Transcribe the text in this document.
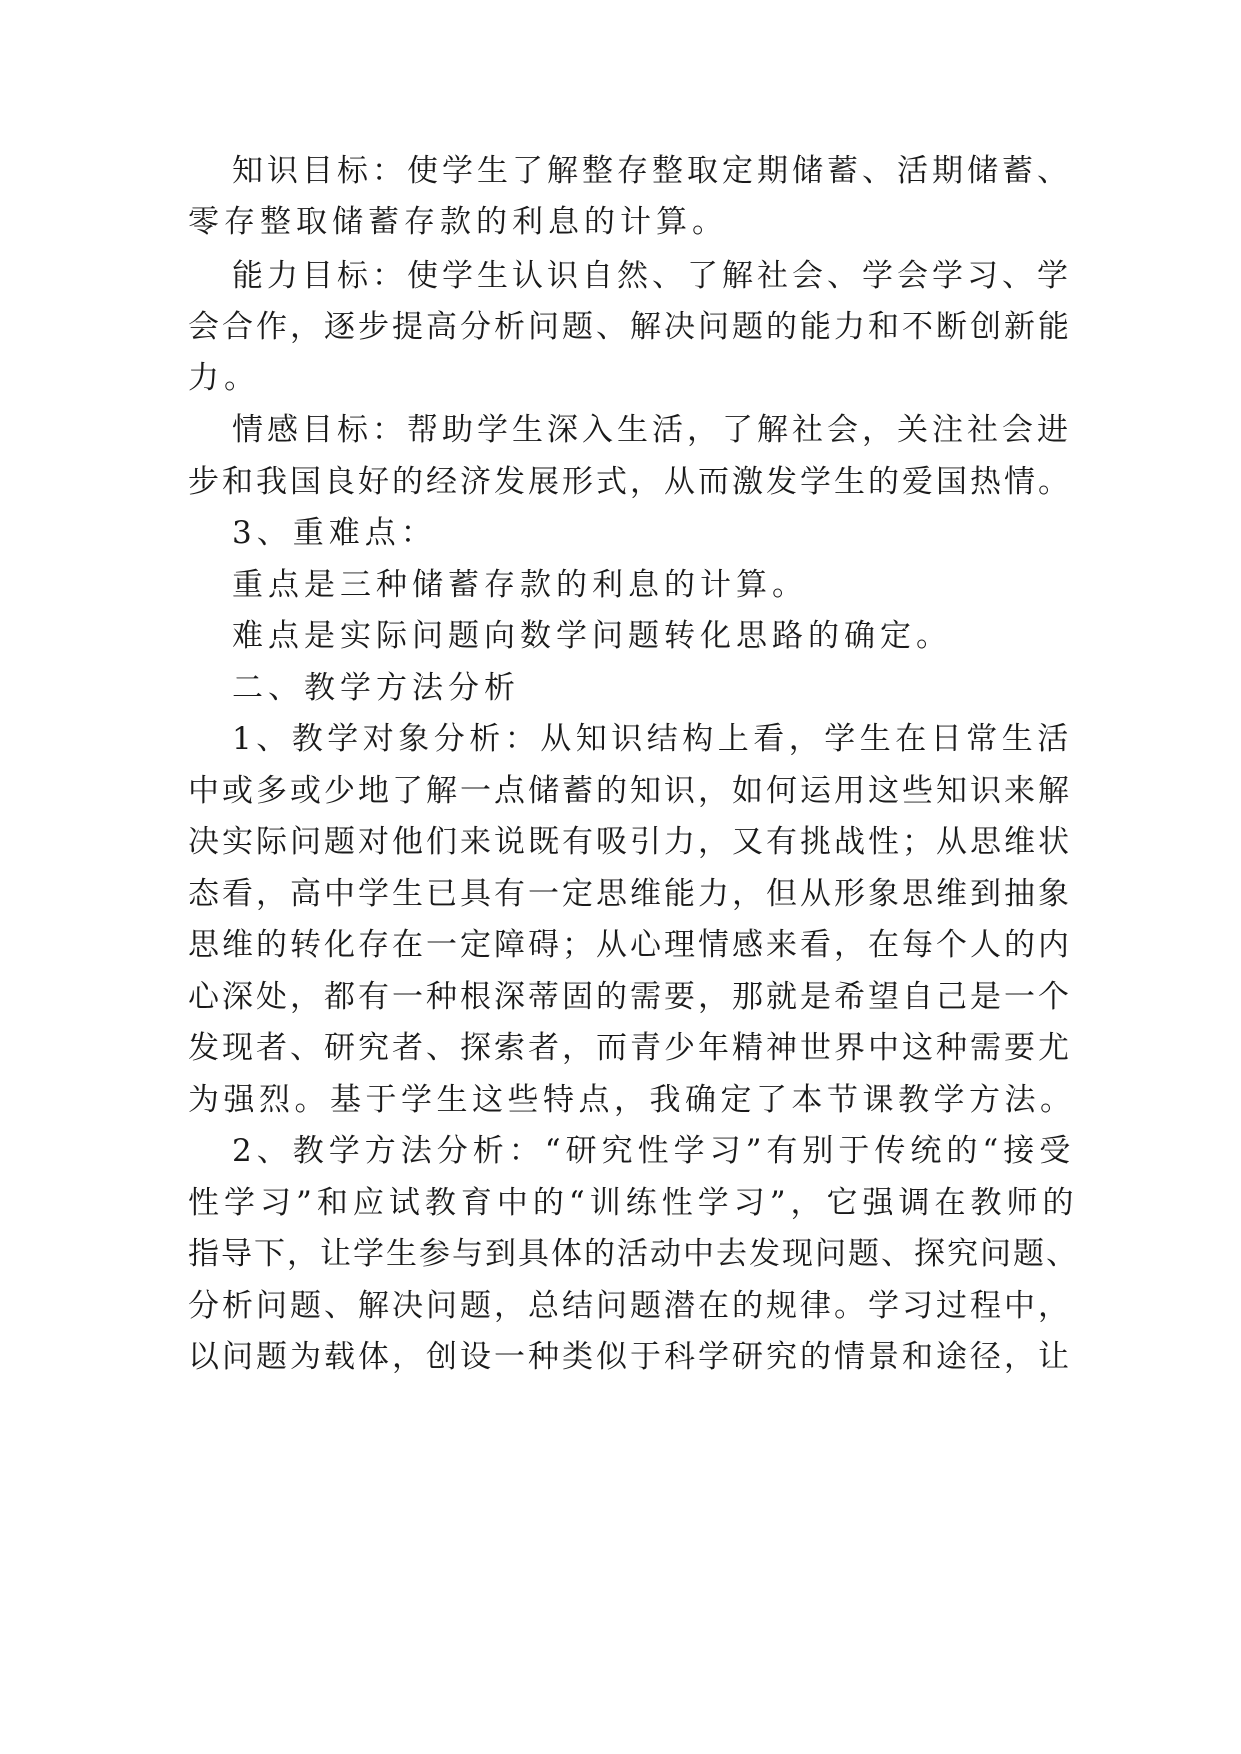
知识目标：使学生了解整存整取定期储蓄、活期储蓄、
零存整取储蓄存款的利息的计算。
能力目标：使学生认识自然、了解社会、学会学习、学
会合作，逐步提高分析问题、解决问题的能力和不断创新能
力。
情感目标：帮助学生深入生活，了解社会，关注社会进
步和我国良好的经济发展形式，从而激发学生的爱国热情。
3、重难点：
重点是三种储蓄存款的利息的计算。
难点是实际问题向数学问题转化思路的确定。
二、教学方法分析
1、教学对象分析：从知识结构上看，学生在日常生活
中或多或少地了解一点储蓄的知识，如何运用这些知识来解
决实际问题对他们来说既有吸引力，又有挑战性；从思维状
态看，高中学生已具有一定思维能力，但从形象思维到抽象
思维的转化存在一定障碍；从心理情感来看，在每个人的内
心深处，都有一种根深蒂固的需要，那就是希望自己是一个
发现者、研究者、探索者，而青少年精神世界中这种需要尤
为强烈。基于学生这些特点，我确定了本节课教学方法。
2、教学方法分析：“研究性学习”有别于传统的“接受
性学习”和应试教育中的“训练性学习”，它强调在教师的
指导下，让学生参与到具体的活动中去发现问题、探究问题、
分析问题、解决问题，总结问题潜在的规律。学习过程中，
以问题为载体，创设一种类似于科学研究的情景和途径，让
